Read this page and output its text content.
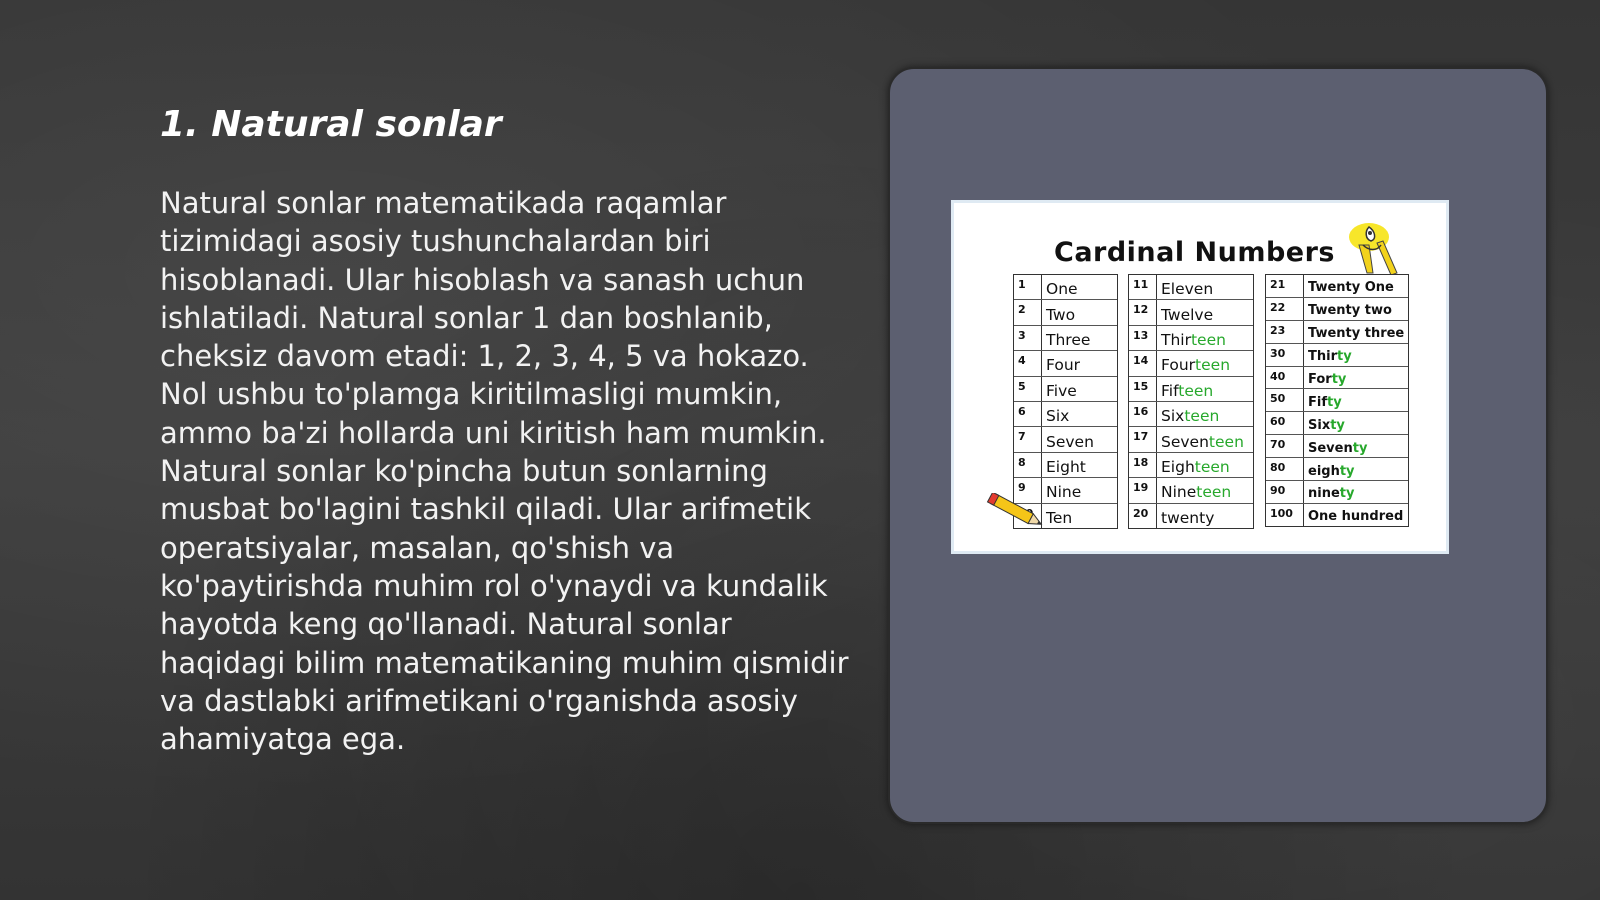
1. Natural sonlar

Natural sonlar matematikada raqamlar tizimidagi asosiy tushunchalardan biri hisoblanadi. Ular hisoblash va sanash uchun ishlatiladi. Natural sonlar 1 dan boshlanib, cheksiz davom etadi: 1, 2, 3, 4, 5 va hokazo. Nol ushbu to'plamga kiritilmasligi mumkin, ammo ba'zi hollarda uni kiritish ham mumkin. Natural sonlar ko'pincha butun sonlarning musbat bo'lagini tashkil qiladi. Ular arifmetik operatsiyalar, masalan, qo'shish va ko'paytirishda muhim rol o'ynaydi va kundalik hayotda keng qo'llanadi. Natural sonlar haqidagi bilim matematikaning muhim qismidir va dastlabki arifmetikani o'rganishda asosiy ahamiyatga ega.

Cardinal Numbers
1	One
2	Two
3	Three
4	Four
5	Five
6	Six
7	Seven
8	Eight
9	Nine
Ten
11 Eleven
12 Twelve
13 Thirteen
14 Fourteen
15 Fifteen
16 Sixteen
17 Seventeen
18 Eighteen
19 Nineteen
20 twenty
21	Twenty One
22	Twenty two
23	Twenty three
30	Thirty
40	Forty
50	Fifty
60	Sixty
70	Seventy
80	eighty
90	ninety
100	One hundred
